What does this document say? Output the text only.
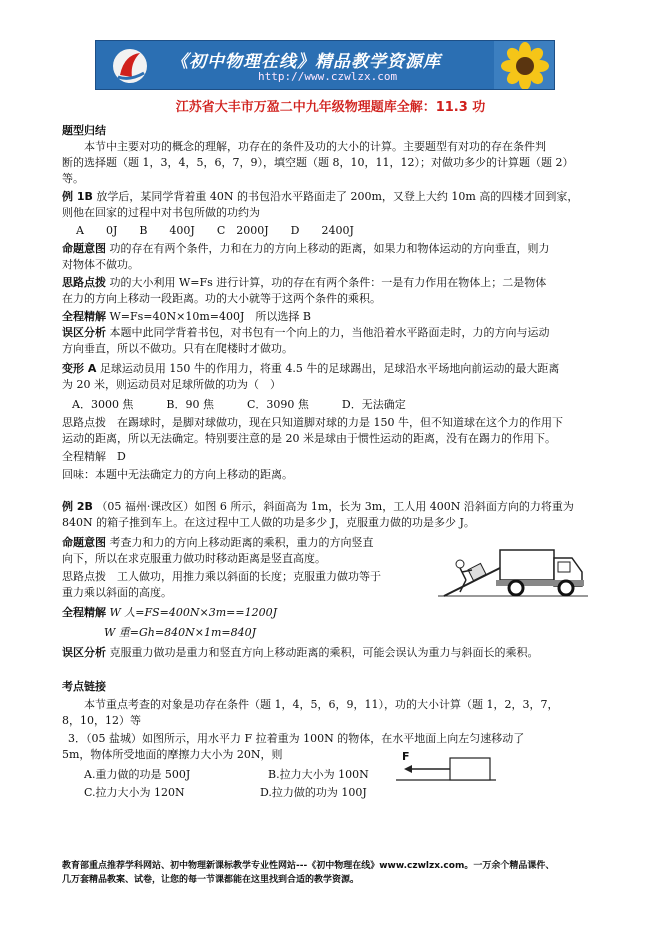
《初中物理在线》精品教学资源库
http://www.czwlzx.com
江苏省大丰市万盈二中九年级物理题库全解：11.3 功
题型归结
本节中主要对功的概念的理解，功存在的条件及功的大小的计算。主要题型有对功的存在条件判
断的选择题（题 1，3，4，5，6，7，9），填空题（题 8，10，11，12）；对做功多少的计算题（题 2）
等。
例 1B 放学后，某同学背着重 40N 的书包沿水平路面走了 200m，又登上大约 10m 高的四楼才回到家，
则他在回家的过程中对书包所做的功约为
A　　0J　　B　　400J　　C　2000J　　D　　2400J
命题意图 功的存在有两个条件，力和在力的方向上移动的距离，如果力和物体运动的方向垂直，则力
对物体不做功。
思路点拨 功的大小利用 W=Fs 进行计算，功的存在有两个条件：一是有力作用在物体上；二是物体
在力的方向上移动一段距离。功的大小就等于这两个条件的乘积。
全程精解 W=Fs=40N×10m=400J　所以选择 B
误区分析 本题中此同学背着书包，对书包有一个向上的力，当他沿着水平路面走时，力的方向与运动
方向垂直，所以不做功。只有在爬楼时才做功。
变形 A 足球运动员用 150 牛的作用力，将重 4.5 牛的足球踢出，足球沿水平场地向前运动的最大距离
为 20 米，则运动员对足球所做的功为（　）
A．3000 焦　　　B．90 焦　　　C．3090 焦　　　D．无法确定
思路点拨　在踢球时，是脚对球做功，现在只知道脚对球的力是 150 牛，但不知道球在这个力的作用下
运动的距离，所以无法确定。特别要注意的是 20 米是球由于惯性运动的距离，没有在踢力的作用下。
全程精解　D
回味：本题中无法确定力的方向上移动的距离。
例 2B （05 福州·课改区）如图 6 所示，斜面高为 1m，长为 3m，工人用 400N 沿斜面方向的力将重为
840N 的箱子推到车上。在这过程中工人做的功是多少 J，克服重力做的功是多少 J。
命题意图 考查力和力的方向上移动距离的乘积，重力的方向竖直
向下，所以在求克服重力做功时移动距离是竖直高度。
思路点拨　工人做功，用推力乘以斜面的长度；克服重力做功等于
重力乘以斜面的高度。
全程精解 W 人=FS=400N×3m==1200J
W 重=Gh=840N×1m=840J
误区分析 克服重力做功是重力和竖直方向上移动距离的乘积，可能会误认为重力与斜面长的乘积。
考点链接
本节重点考查的对象是功存在条件（题 1，4，5，6，9，11），功的大小计算（题 1，2，3，7，
8，10，12）等
3．（05 盐城）如图所示，用水平力 F 拉着重为 100N 的物体，在水平地面上向左匀速移动了
5m，物体所受地面的摩擦力大小为 20N，则
A.重力做的功是 500J	B.拉力大小为 100N
C.拉力大小为 120N	D.拉力做的功为 100J
F
教育部重点推荐学科网站、初中物理新课标教学专业性网站---《初中物理在线》www.czwlzx.com。一万余个精品课件、
几万套精品教案、试卷，让您的每一节课都能在这里找到合适的教学资源。
